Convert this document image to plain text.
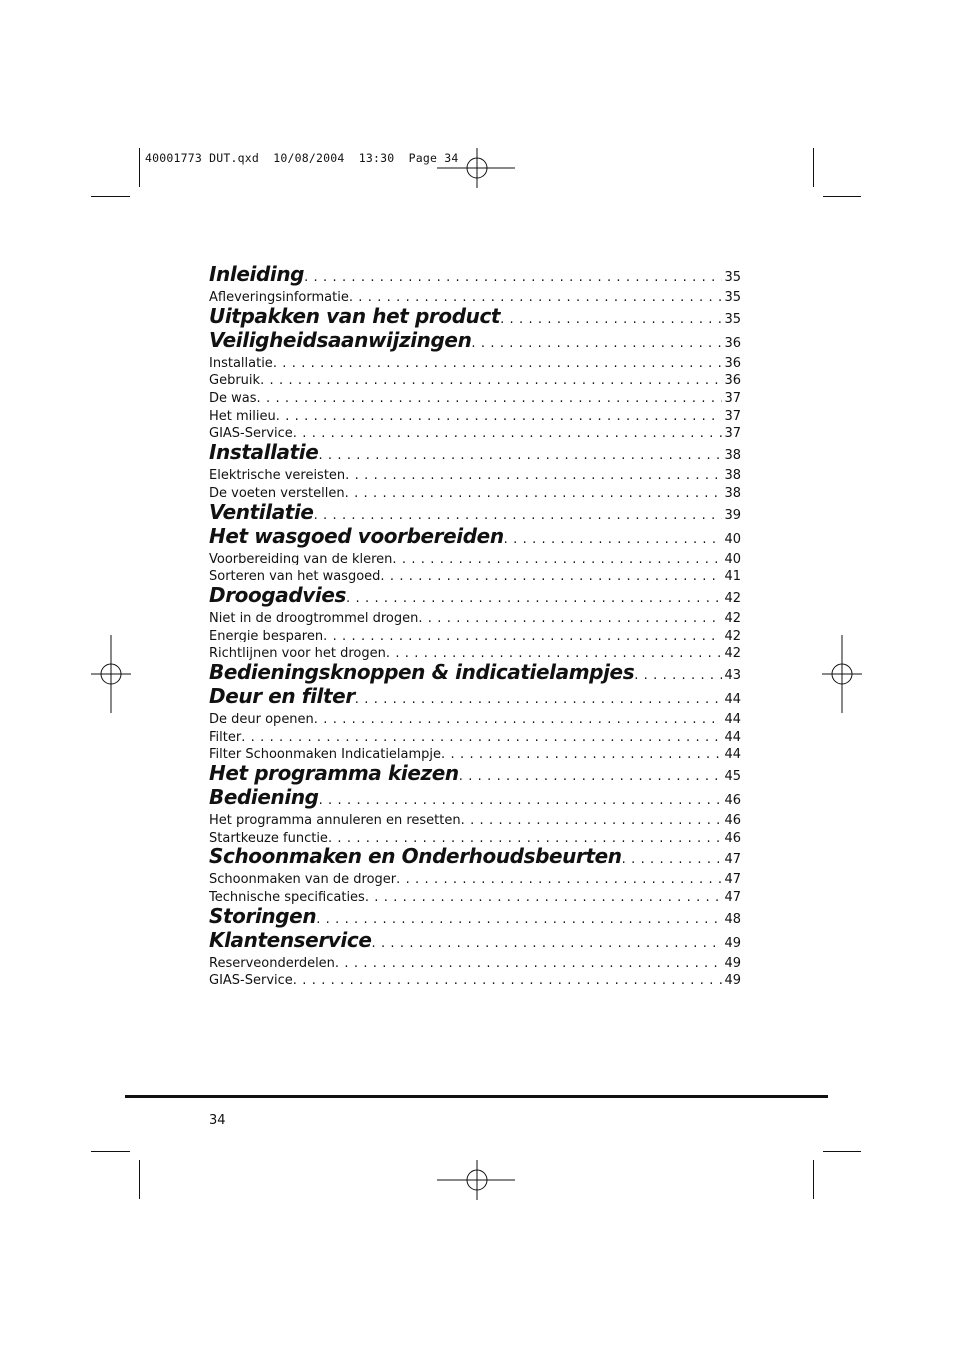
40001773 DUT.qxd  10/08/2004  13:30  Page 34
Inleiding . . .	35
Afleveringsinformatie . . .	35
Uitpakken van het product . . .	35
Veiligheidsaanwijzingen . . .	36
Installatie . . .	36
Gebruik . . .	36
De was . . .	37
Het milieu . . .	37
GIAS-Service . . .	37
Installatie . . .	38
Elektrische vereisten . . .	38
De voeten verstellen . . .	38
Ventilatie . . .	39
Het wasgoed voorbereiden . . .	40
Voorbereiding van de kleren . . .	40
Sorteren van het wasgoed . . .	41
Droogadvies . . .	42
Niet in de droogtrommel drogen . . .	42
Energie besparen . . .	42
Richtlijnen voor het drogen . . .	42
Bedieningsknoppen & indicatielampjes . . .	43
Deur en filter . . .	44
De deur openen . . .	44
Filter . . .	44
Filter Schoonmaken Indicatielampje . . .	44
Het programma kiezen . . .	45
Bediening . . .	46
Het programma annuleren en resetten . . .	46
Startkeuze functie . . .	46
Schoonmaken en Onderhoudsbeurten . . .	47
Schoonmaken van de droger . . .	47
Technische specificaties . . .	47
Storingen . . .	48
Klantenservice . . .	49
Reserveonderdelen . . .	49
GIAS-Service . . .	49
34
